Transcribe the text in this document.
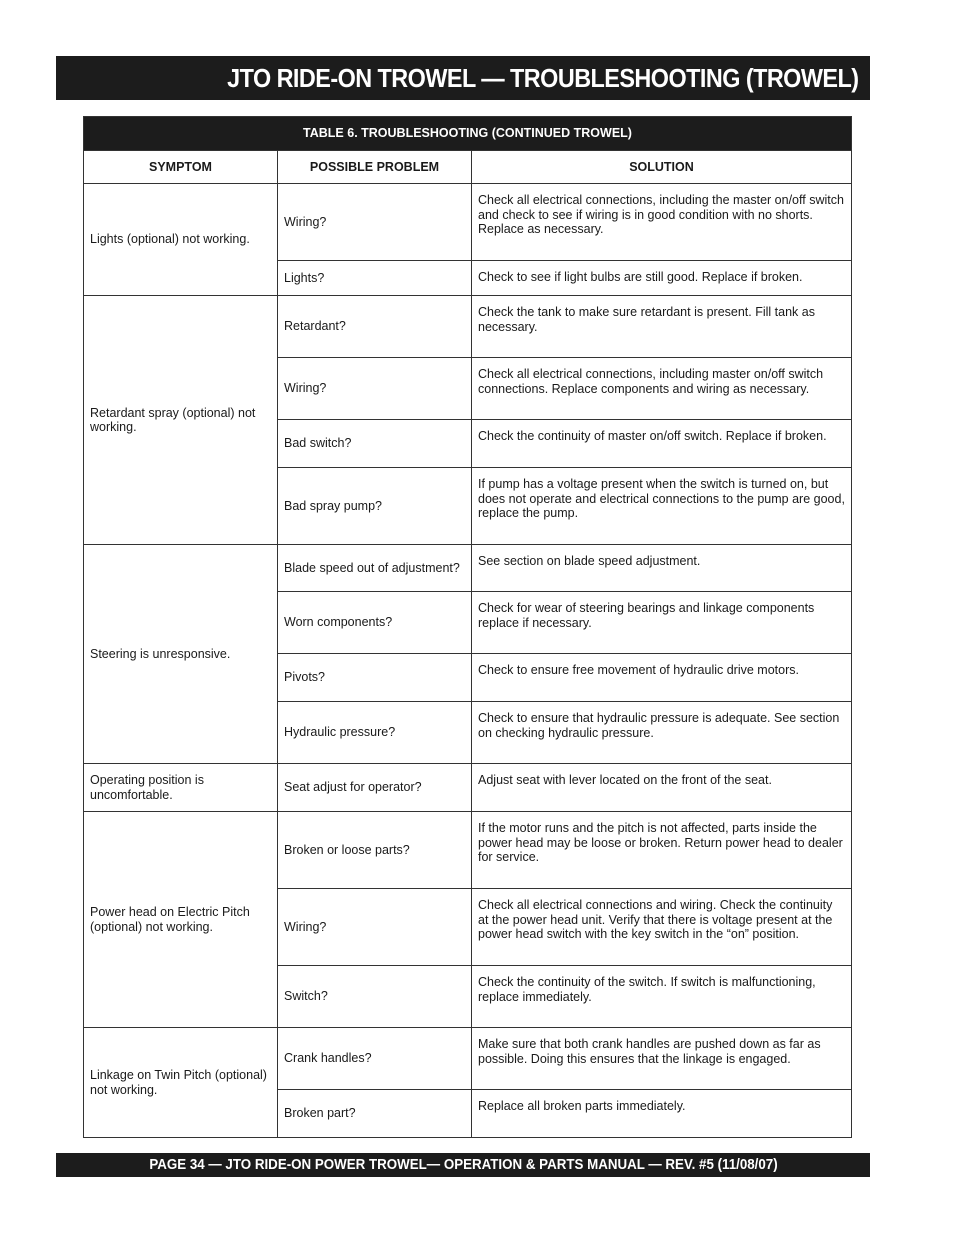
JTO RIDE-ON TROWEL — TROUBLESHOOTING (TROWEL)
TABLE 6. TROUBLESHOOTING (CONTINUED TROWEL)		
SYMPTOM	POSSIBLE PROBLEM	SOLUTION
Lights (optional) not working.	Wiring?	Check all electrical connections, including the master on/off switch and check to see if wiring is in good condition with no shorts. Replace as necessary.
	Lights?	Check to see if light bulbs are still good. Replace if broken.
Retardant spray (optional) not working.	Retardant?	Check the tank to make sure retardant is present. Fill tank as necessary.
	Wiring?	Check all electrical connections, including master on/off switch connections. Replace components and wiring as necessary.
	Bad switch?	Check the continuity of master on/off switch. Replace if broken.
	Bad spray pump?	If pump has a voltage present when the switch is turned on, but does not operate and electrical connections to the pump are good, replace the pump.
Steering is unresponsive.	Blade speed out of adjustment?	See section on blade speed adjustment.
	Worn components?	Check for wear of steering bearings and linkage components replace if necessary.
	Pivots?	Check to ensure free movement of hydraulic drive motors.
	Hydraulic pressure?	Check to ensure that hydraulic pressure is adequate. See section on checking hydraulic pressure.
Operating position is uncomfortable.	Seat adjust for operator?	Adjust seat with lever located on the front of the seat.
Power head on Electric Pitch (optional) not working.	Broken or loose parts?	If the motor runs and the pitch is not affected, parts inside the power head may be loose or broken. Return power head to dealer for service.
	Wiring?	Check all electrical connections and wiring. Check the continuity at the power head unit. Verify that there is voltage present at the power head switch with the key switch in the “on” position.
	Switch?	Check the continuity of the switch. If switch is malfunctioning, replace immediately.
Linkage on Twin Pitch (optional) not working.	Crank handles?	Make sure that both crank handles are pushed down as far as possible. Doing this ensures that the linkage is engaged.
	Broken part?	Replace all broken parts immediately.
PAGE 34 — JTO RIDE-ON POWER TROWEL— OPERATION & PARTS MANUAL — REV. #5 (11/08/07)
